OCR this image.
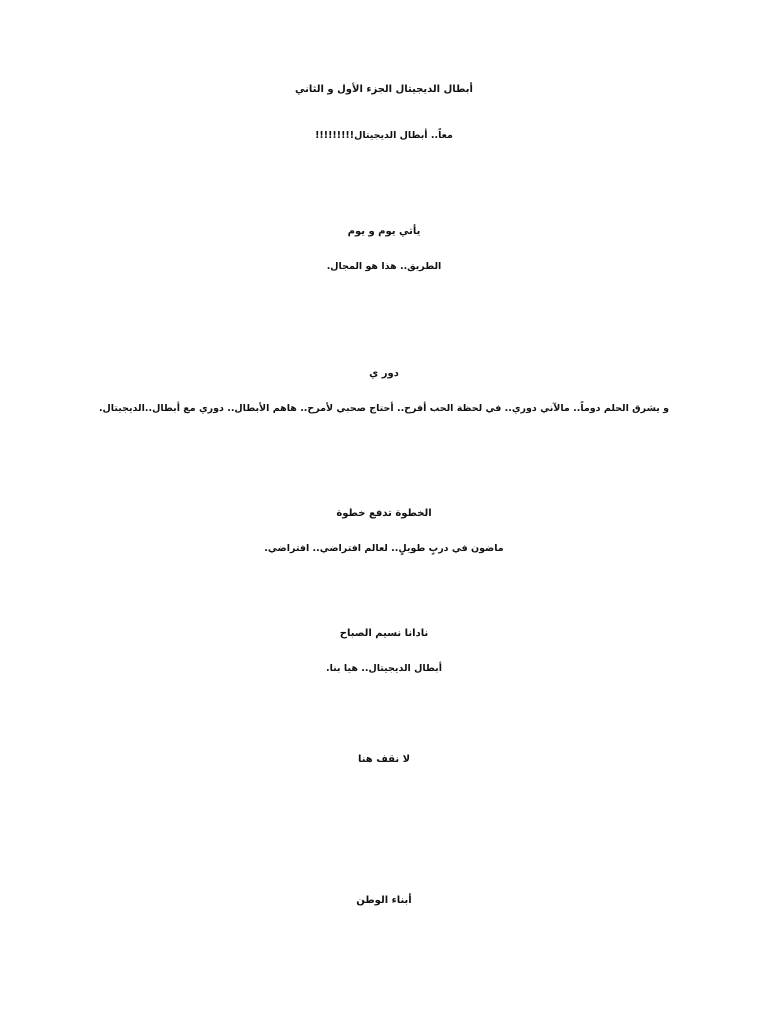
أبطال الديجيتال الجزء الأول و الثاني

معاً.. أبطال الديجيتال!!!!!!!!!

يأتي يوم و يوم

الطريق.. هذا هو المجال.

دور ي

و يشرق الحلم دوماً.. مالآني دوري.. في لحظة الحب أفرح.. أحتاج صحبي لأمرح.. هاهم الأبطال.. دوري مع أبطال..الديجيتال.

الخطوة تدفع خطوة

ماضون في دربٍ طويلٍ.. لعالم افتراضي.. افتراضي.

نادانا نسيم الصباح

أبطال الديجيتال.. هيا بنا.

لا نقف هنا

أبناء الوطن
